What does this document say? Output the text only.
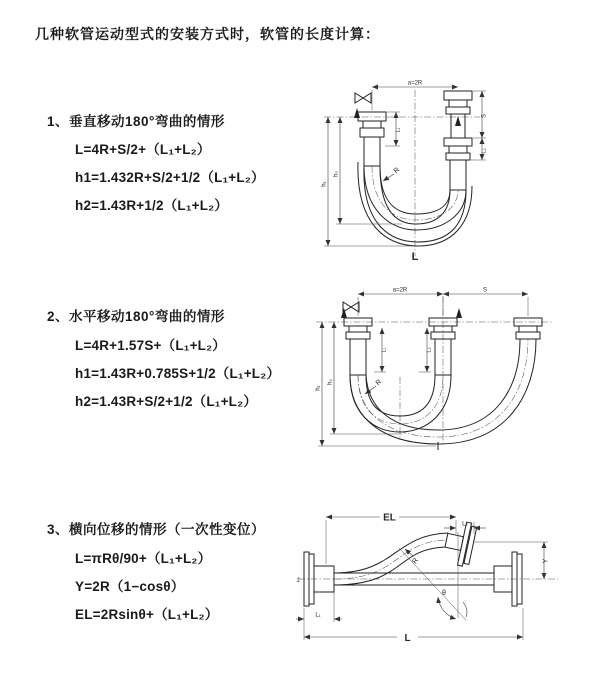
几种软管运动型式的安装方式时，软管的长度计算：

1、垂直移动180°弯曲的情形

L=4R+S/2+（L₁+L₂）

h1=1.432R+S/2+1/2（L₁+L₂）

h2=1.43R+1/2（L₁+L₂）

a=2R
h₁
h₂
L₁
S
L₂
R
L

2、水平移动180°弯曲的情形

L=4R+1.57S+（L₁+L₂）

h1=1.43R+0.785S+1/2（L₁+L₂）

h2=1.43R+S/2+1/2（L₁+L₂）

a=2R	S
h₁
h₂
L₁	L₂
R

3、横向位移的情形（一次性变位）

L=πRθ/90+（L₁+L₂）

Y=2R（1−cosθ）

EL=2Rsinθ+（L₁+L₂）

z̄
θ
EL
L₂
Y
L₁
L
R
